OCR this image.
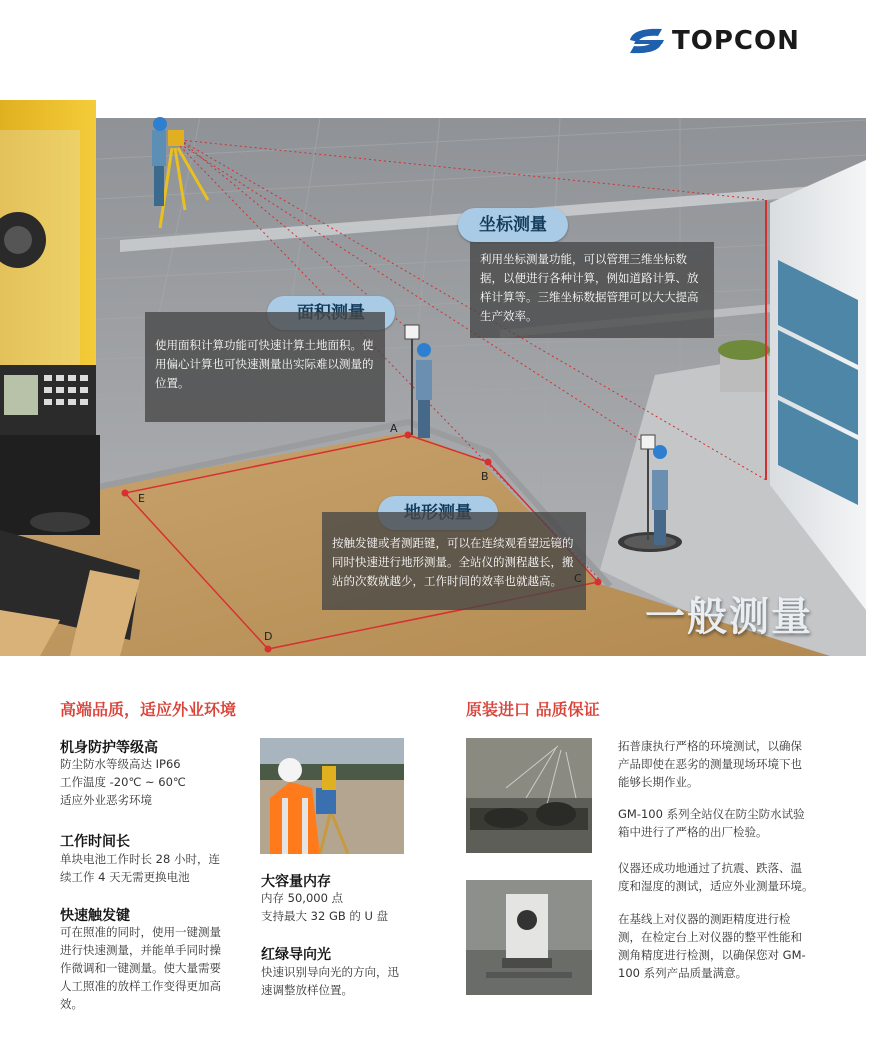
TOPCON
坐标测量
利用坐标测量功能，可以管理三维坐标数据，以便进行各种计算，例如道路计算、放样计算等。三维坐标数据管理可以大大提高生产效率。
使用面积计算功能可快速计算土地面积。使用偏心计算也可快速测量出实际难以测量的位置。
按触发键或者测距键，可以在连续观看望远镜的同时快速进行地形测量。全站仪的测程越长，搬站的次数就越少，工作时间的效率也就越高。
A
B
C
D
E
一般测量
高端品质，适应外业环境
机身防护等级高
防尘防水等级高达 IP66
工作温度 -20℃ ~ 60℃
适应外业恶劣环境
工作时间长
单块电池工作时长 28 小时，连
续工作 4 天无需更换电池
快速触发键
可在照准的同时，使用一键测量
进行快速测量，并能单手同时操
作微调和一键测量。使大量需要
人工照准的放样工作变得更加高
效。
大容量内存
内存 50,000 点
支持最大 32 GB 的 U 盘
红绿导向光
快速识别导向光的方向，迅
速调整放样位置。
原装进口 品质保证
拓普康执行严格的环境测试，以确保
产品即使在恶劣的测量现场环境下也
能够长期作业。
GM-100 系列全站仪在防尘防水试验
箱中进行了严格的出厂检验。
仪器还成功地通过了抗震、跌落、温
度和湿度的测试，适应外业测量环境。
在基线上对仪器的测距精度进行检
测，在检定台上对仪器的整平性能和
测角精度进行检测，以确保您对 GM-
100 系列产品质量满意。
